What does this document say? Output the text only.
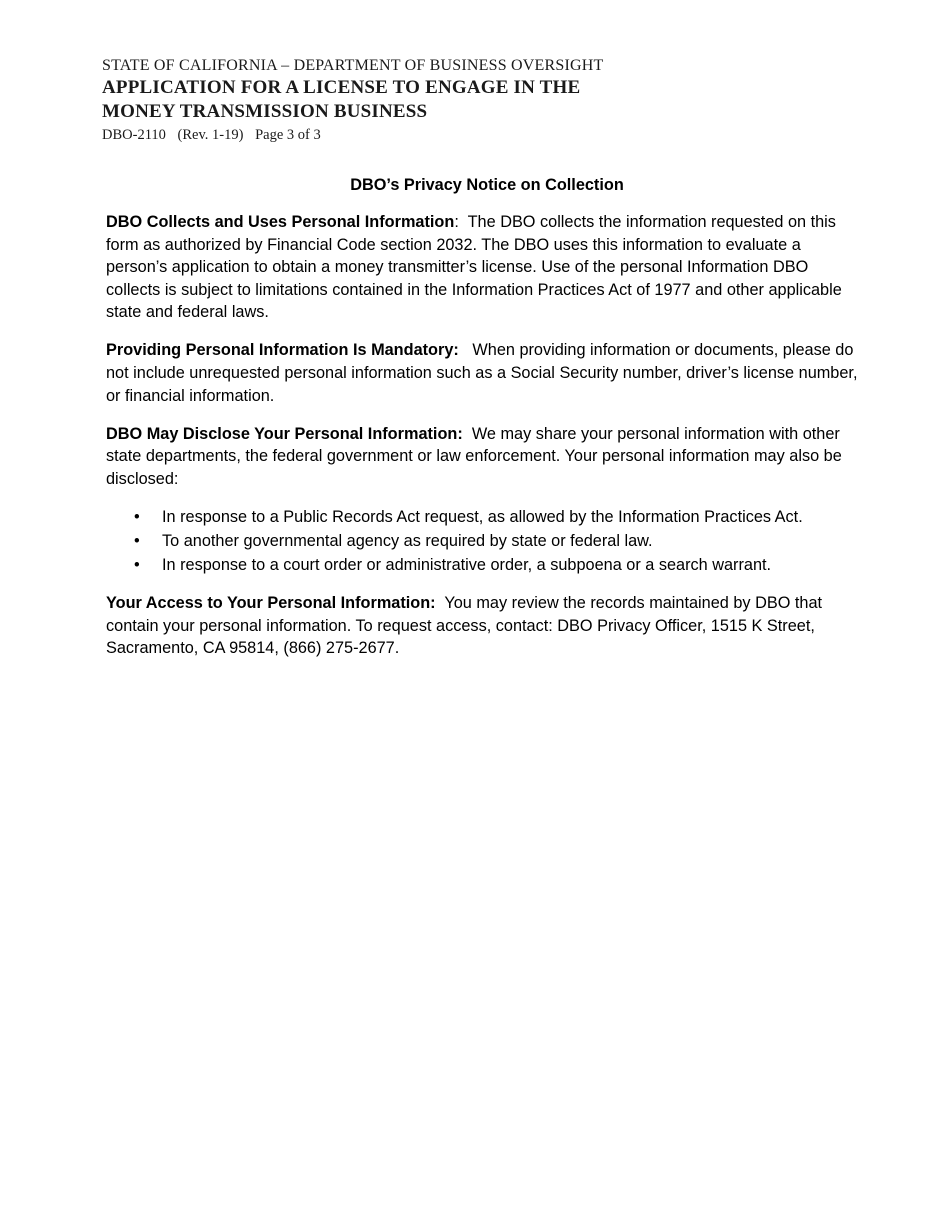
STATE OF CALIFORNIA – DEPARTMENT OF BUSINESS OVERSIGHT
APPLICATION FOR A LICENSE TO ENGAGE IN THE
MONEY TRANSMISSION BUSINESS
DBO-2110 (Rev. 1-19) Page 3 of 3
DBO’s Privacy Notice on Collection

DBO Collects and Uses Personal Information:  The DBO collects the information requested on this form as authorized by Financial Code section 2032. The DBO uses this information to evaluate a person’s application to obtain a money transmitter’s license. Use of the personal Information DBO collects is subject to limitations contained in the Information Practices Act of 1977 and other applicable state and federal laws.

Providing Personal Information Is Mandatory: When providing information or documents, please do not include unrequested personal information such as a Social Security number, driver’s license number, or financial information.

DBO May Disclose Your Personal Information: We may share your personal information with other state departments, the federal government or law enforcement. Your personal information may also be disclosed:

• In response to a Public Records Act request, as allowed by the Information Practices Act.
• To another governmental agency as required by state or federal law.
• In response to a court order or administrative order, a subpoena or a search warrant.

Your Access to Your Personal Information: You may review the records maintained by DBO that contain your personal information. To request access, contact: DBO Privacy Officer, 1515 K Street, Sacramento, CA 95814, (866) 275-2677.
